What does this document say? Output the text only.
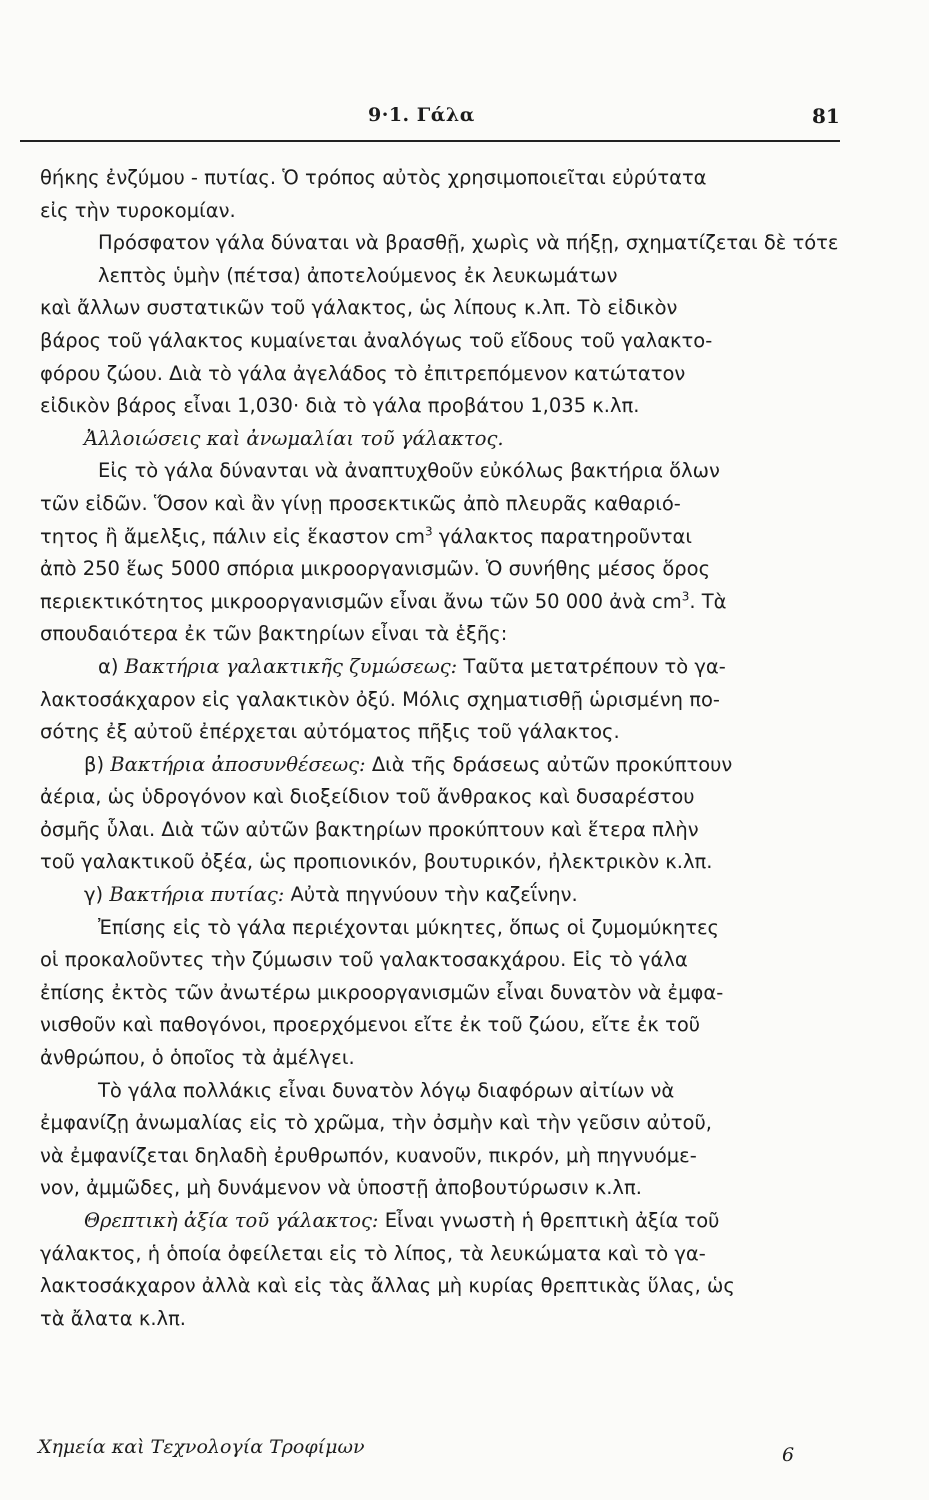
9·1. Γάλα	81
θήκης ἐνζύμου - πυτίας. Ὁ τρόπος αὐτὸς χρησιμοποιεῖται εὐρύτατα
εἰς τὴν τυροκομίαν.
Πρόσφατον γάλα δύναται νὰ βρασθῇ, χωρὶς νὰ πήξῃ, σχηματίζεται δὲ τότε λεπτὸς ὑμὴν (πέτσα) ἀποτελούμενος ἐκ λευκωμάτων
καὶ ἄλλων συστατικῶν τοῦ γάλακτος, ὡς λίπους κ.λπ. Τὸ εἰδικὸν
βάρος τοῦ γάλακτος κυμαίνεται ἀναλόγως τοῦ εἴδους τοῦ γαλακτο-
φόρου ζώου. Διὰ τὸ γάλα ἀγελάδος τὸ ἐπιτρεπόμενον κατώτατον
εἰδικὸν βάρος εἶναι 1,030· διὰ τὸ γάλα προβάτου 1,035 κ.λπ.
Ἀλλοιώσεις καὶ ἀνωμαλίαι τοῦ γάλακτος.
Εἰς τὸ γάλα δύνανται νὰ ἀναπτυχθοῦν εὐκόλως βακτήρια ὅλων
τῶν εἰδῶν. Ὅσον καὶ ἂν γίνῃ προσεκτικῶς ἀπὸ πλευρᾶς καθαριό-
τητος ἢ ἄμελξις, πάλιν εἰς ἕκαστον $cm^3$ γάλακτος παρατηροῦνται
ἀπὸ 250 ἕως 5000 σπόρια μικροοργανισμῶν. Ὁ συνήθης μέσος ὅρος
περιεκτικότητος μικροοργανισμῶν εἶναι ἄνω τῶν 50 000 ἀνὰ $cm^3$. Τὰ
σπουδαιότερα ἐκ τῶν βακτηρίων εἶναι τὰ ἑξῆς:
α) Βακτήρια γαλακτικῆς ζυμώσεως: Ταῦτα μετατρέπουν τὸ γα-
λακτοσάκχαρον εἰς γαλακτικὸν ὀξύ. Μόλις σχηματισθῇ ὡρισμένη πο-
σότης ἐξ αὐτοῦ ἐπέρχεται αὐτόματος πῆξις τοῦ γάλακτος.
β) Βακτήρια ἀποσυνθέσεως: Διὰ τῆς δράσεως αὐτῶν προκύπτουν
ἀέρια, ὡς ὑδρογόνον καὶ διοξείδιον τοῦ ἄνθρακος καὶ δυσαρέστου
ὀσμῆς ὗλαι. Διὰ τῶν αὐτῶν βακτηρίων προκύπτουν καὶ ἕτερα πλὴν
τοῦ γαλακτικοῦ ὀξέα, ὡς προπιονικόν, βουτυρικόν, ἠλεκτρικὸν κ.λπ.
γ) Βακτήρια πυτίας: Αὐτὰ πηγνύουν τὴν καζεΐνην.
Ἐπίσης εἰς τὸ γάλα περιέχονται μύκητες, ὅπως οἱ ζυμομύκητες
οἱ προκαλοῦντες τὴν ζύμωσιν τοῦ γαλακτοσακχάρου. Εἰς τὸ γάλα
ἐπίσης ἐκτὸς τῶν ἀνωτέρω μικροοργανισμῶν εἶναι δυνατὸν νὰ ἐμφα-
νισθοῦν καὶ παθογόνοι, προερχόμενοι εἴτε ἐκ τοῦ ζώου, εἴτε ἐκ τοῦ
ἀνθρώπου, ὁ ὁποῖος τὰ ἀμέλγει.
Τὸ γάλα πολλάκις εἶναι δυνατὸν λόγῳ διαφόρων αἰτίων νὰ
ἐμφανίζῃ ἀνωμαλίας εἰς τὸ χρῶμα, τὴν ὀσμὴν καὶ τὴν γεῦσιν αὐτοῦ,
νὰ ἐμφανίζεται δηλαδὴ ἐρυθρωπόν, κυανοῦν, πικρόν, μὴ πηγνυόμε-
νον, ἀμμῶδες, μὴ δυνάμενον νὰ ὑποστῇ ἀποβουτύρωσιν κ.λπ.
Θρεπτικὴ ἀξία τοῦ γάλακτος: Εἶναι γνωστὴ ἡ θρεπτικὴ ἀξία τοῦ
γάλακτος, ἡ ὁποία ὀφείλεται εἰς τὸ λίπος, τὰ λευκώματα καὶ τὸ γα-
λακτοσάκχαρον ἀλλὰ καὶ εἰς τὰς ἄλλας μὴ κυρίας θρεπτικὰς ὕλας, ὡς
τὰ ἄλατα κ.λπ.
Χημεία καὶ Τεχνολογία Τροφίμων	6
